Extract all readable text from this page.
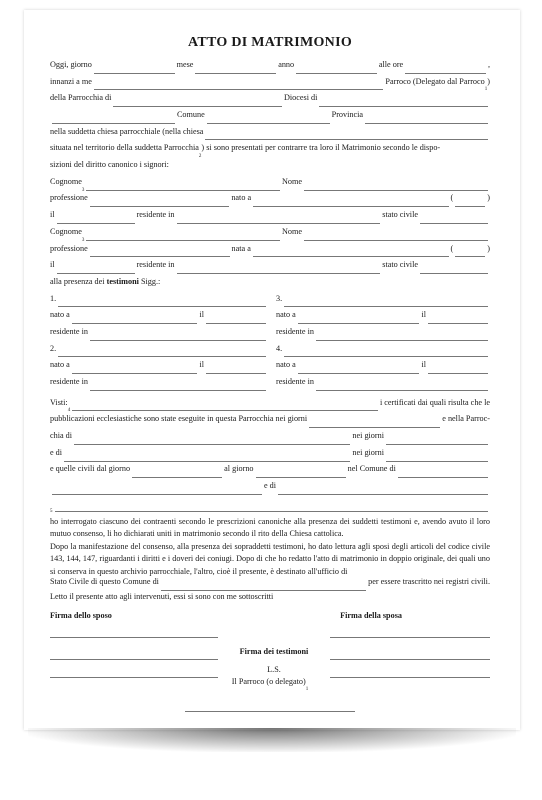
ATTO DI MATRIMONIO
Oggi, giorno	mese	anno	alle ore	,
innanzi a me	Parroco (Delegato dal Parroco
1
)
della Parrocchia di	Diocesi di
Comune	Provincia
nella suddetta chiesa parrocchiale (nella chiesa
situata nel territorio della suddetta Parrocchia
2
) si sono presentati per contrarre tra loro il Matrimonio secondo le dispo-
sizioni del diritto canonico i signori:
Cognome
3
Nome
professione	nato a	(	)
il	residente in	stato civile
Cognome
3
Nome
professione	nata a	(	)
il	residente in	stato civile
alla presenza dei
testimoni
Sigg.:
1.	3.
nato a	il	nato a	il
residente in	residente in
2.	4.
nato a	il	nato a	il
residente in	residente in
Visti:
4
i certificati dai quali risulta che le
pubblicazioni ecclesiastiche sono state eseguite in questa Parrocchia nei giorni	e nella Parroc-
chia di	nei giorni
e di	nei giorni
e quelle civili dal giorno	al giorno	nel Comune di
e di
5
ho interrogato ciascuno dei contraenti secondo le prescrizioni canoniche alla presenza dei suddetti testimoni e, avendo avuto il loro mutuo consenso, li ho dichiarati uniti in matrimonio secondo il rito della Chiesa cattolica.
Dopo la manifestazione del consenso, alla presenza dei sopraddetti testimoni, ho dato lettura agli sposi degli articoli del codice civile 143, 144, 147, riguardanti i diritti e i doveri dei coniugi. Dopo di che ho redatto l'atto di matrimonio in doppio originale, dei quali uno si conserva in questo archivio parrocchiale, l'altro, cioè il presente, è destinato all'ufficio di
Stato Civile di questo Comune di	per essere trascritto nei registri civili.
Letto il presente atto agli intervenuti, essi si sono con me sottoscritti
Firma dello sposo	Firma della sposa
Firma dei testimoni
L.S.
Il Parroco (o delegato)
1
